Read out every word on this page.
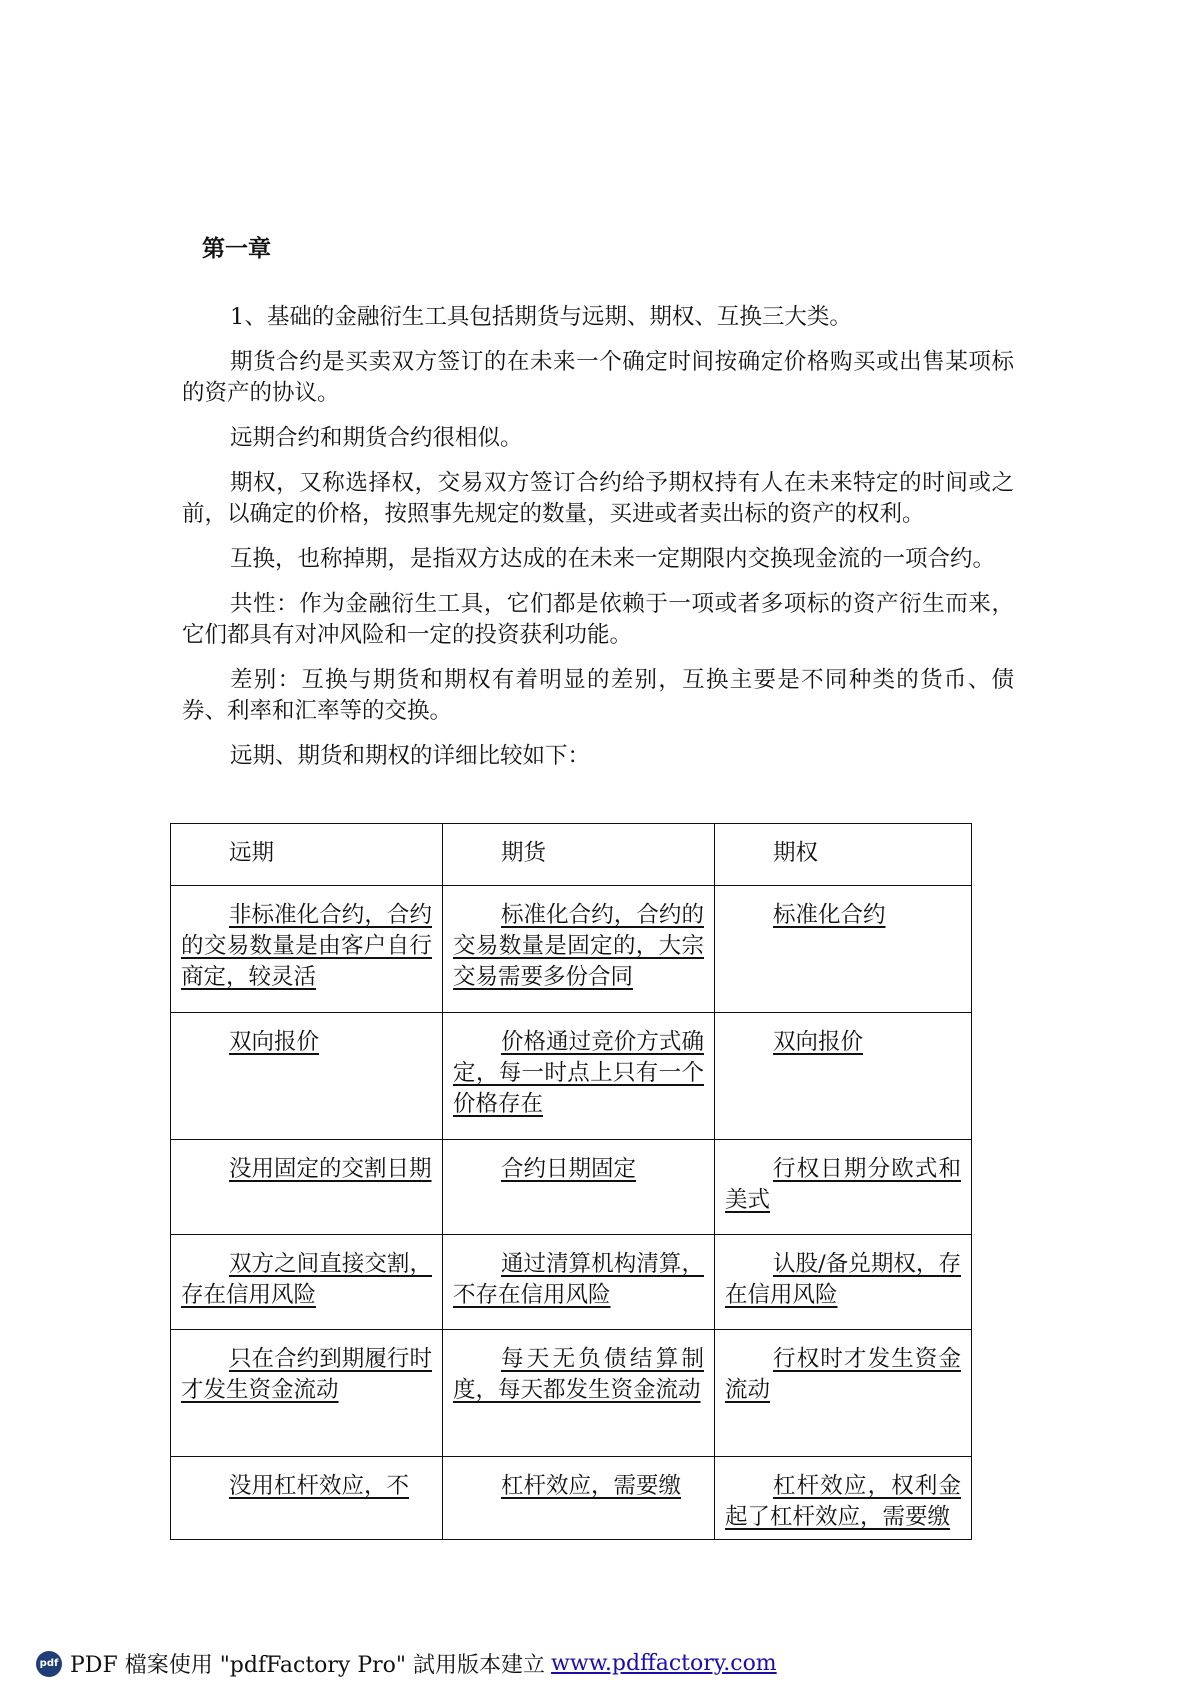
第一章

1、基础的金融衍生工具包括期货与远期、期权、互换三大类。

期货合约是买卖双方签订的在未来一个确定时间按确定价格购买或出售某项标的资产的协议。

远期合约和期货合约很相似。

期权，又称选择权，交易双方签订合约给予期权持有人在未来特定的时间或之前，以确定的价格，按照事先规定的数量，买进或者卖出标的资产的权利。

互换，也称掉期，是指双方达成的在未来一定期限内交换现金流的一项合约。

共性：作为金融衍生工具，它们都是依赖于一项或者多项标的资产衍生而来，它们都具有对冲风险和一定的投资获利功能。

差别：互换与期货和期权有着明显的差别，互换主要是不同种类的货币、债券、利率和汇率等的交换。

远期、期货和期权的详细比较如下：

远期	期货	期权
非标准化合约，合约的交易数量是由客户自行商定，较灵活	标准化合约，合约的交易数量是固定的，大宗交易需要多份合同	标准化合约
双向报价	价格通过竞价方式确定，每一时点上只有一个价格存在	双向报价
没用固定的交割日期	合约日期固定	行权日期分欧式和美式
双方之间直接交割，存在信用风险	通过清算机构清算，不存在信用风险	认股/备兑期权，存在信用风险
只在合约到期履行时才发生资金流动	每天无负债结算制度，每天都发生资金流动	行权时才发生资金流动
没用杠杆效应，不	杠杆效应，需要缴	杠杆效应，权利金起了杠杆效应，需要缴
pdf PDF 檔案使用 "pdfFactory Pro" 試用版本建立 www.pdffactory.com
